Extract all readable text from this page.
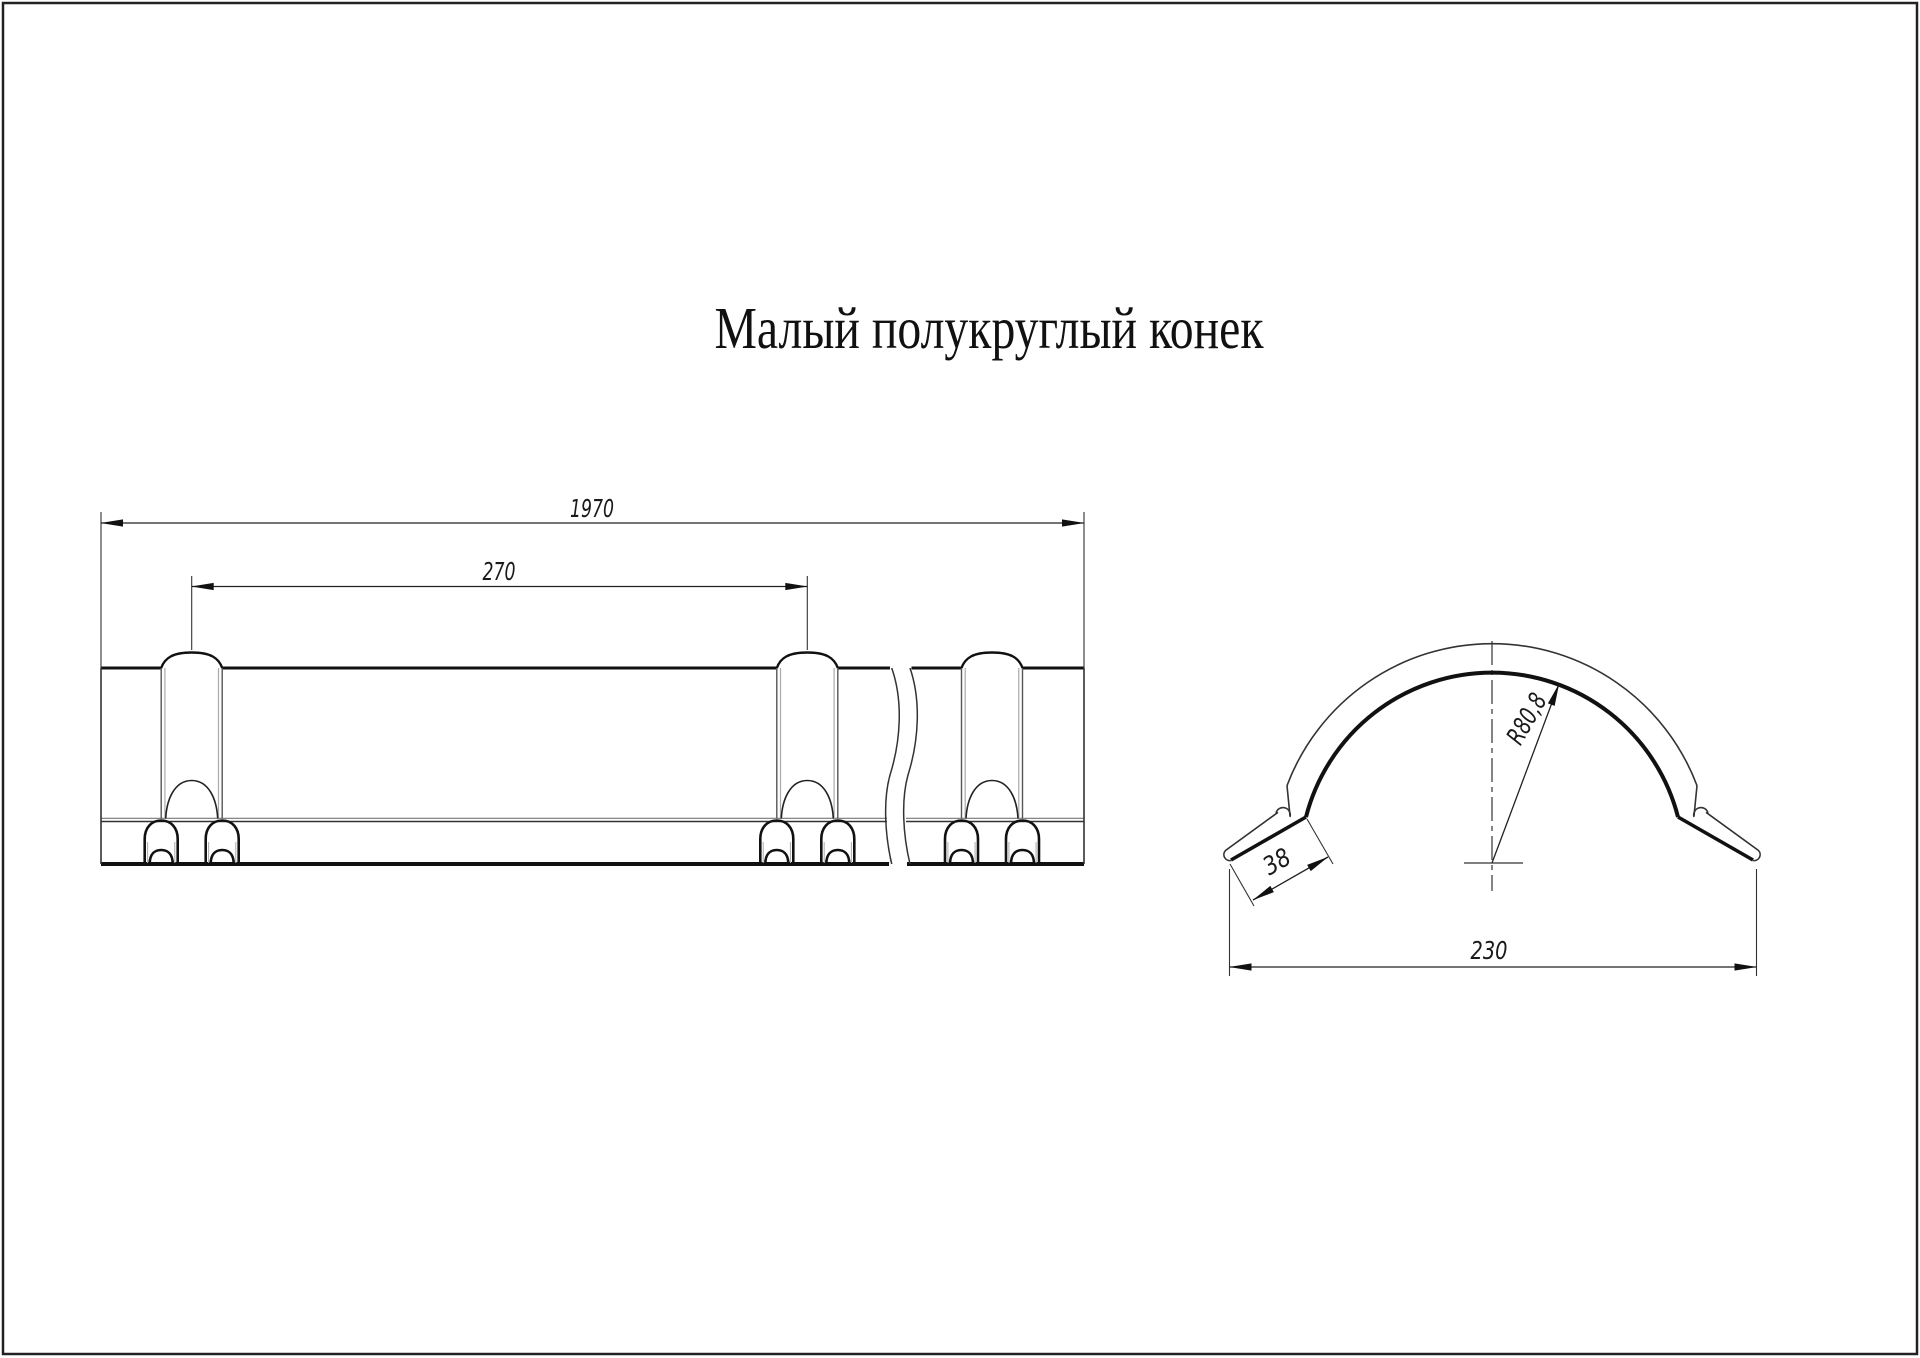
Малый полукруглый конек
1970
270
R80,8
38
230
